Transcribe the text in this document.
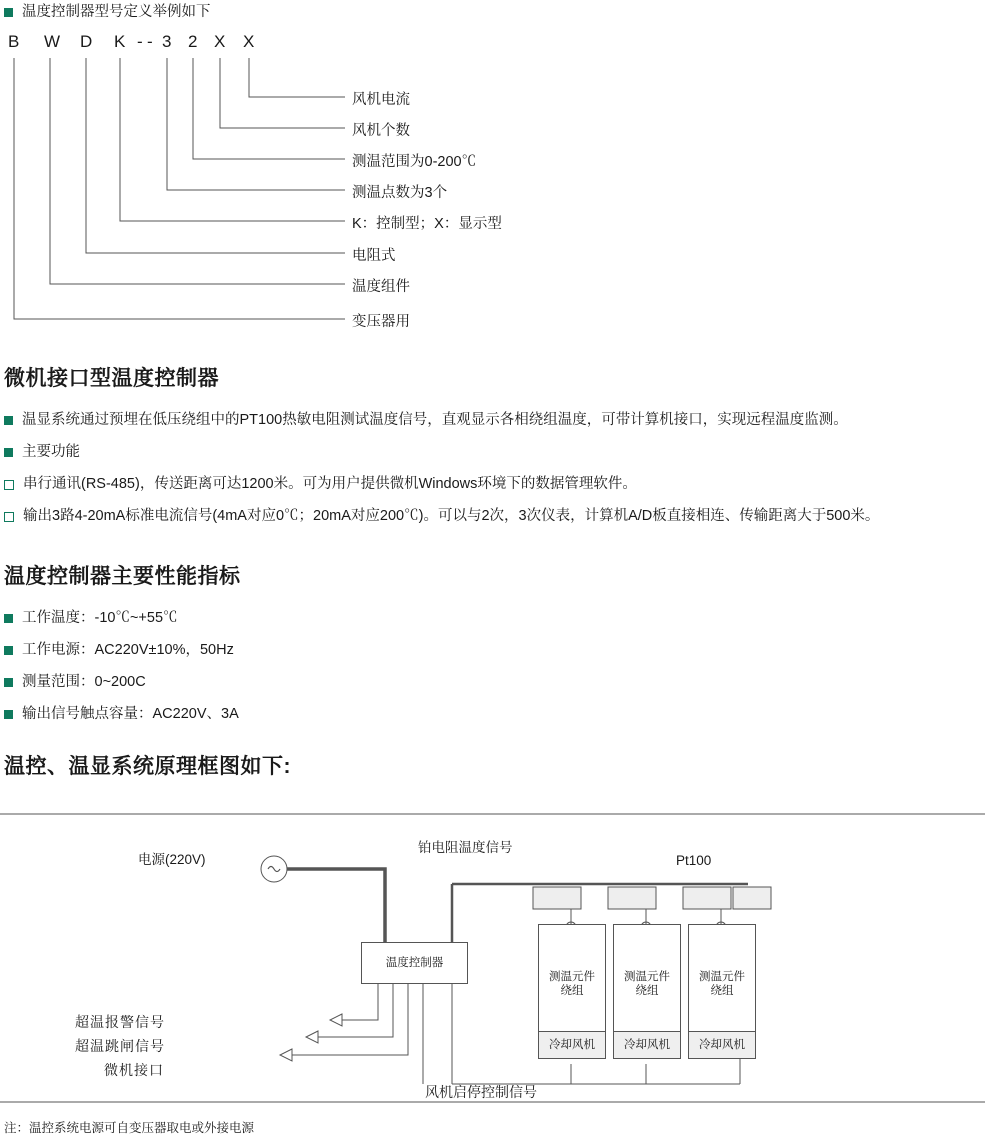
温度控制器型号定义举例如下
B W D K - - 3 2 X X
风机电流
风机个数
测温范围为0-200℃
测温点数为3个
K：控制型；X：显示型
电阻式
温度组件
变压器用
微机接口型温度控制器
温显系统通过预埋在低压绕组中的PT100热敏电阻测试温度信号，直观显示各相绕组温度，可带计算机接口，实现远程温度监测。
主要功能
串行通讯(RS-485)，传送距离可达1200米。可为用户提供微机Windows环境下的数据管理软件。
输出3路4-20mA标准电流信号(4mA对应0℃；20mA对应200℃)。可以与2次，3次仪表，计算机A/D板直接相连、传输距离大于500米。
温度控制器主要性能指标
工作温度：-10℃~+55℃
工作电源：AC220V±10%，50Hz
测量范围：0~200C
输出信号触点容量：AC220V、3A
温控、温显系统原理框图如下:
电源(220V)
铂电阻温度信号
Pt100
温度控制器
测温元件
绕组
测温元件
绕组
测温元件
绕组
冷却风机	冷却风机	冷却风机
超温报警信号
超温跳闸信号
微机接口
风机启停控制信号
注：温控系统电源可自变压器取电或外接电源
